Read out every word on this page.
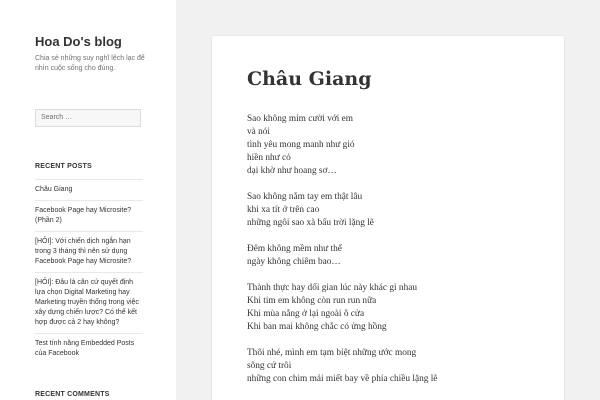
Hoa Do's blog
Chia sẻ những suy nghĩ lệch lạc để nhìn cuộc sống cho đúng.
Search …
RECENT POSTS
Châu Giang
Facebook Page hay Microsite? (Phần 2)
[HỎI]: Với chiến dịch ngắn hạn trong 3 tháng thì nên sử dụng Facebook Page hay Microsite?
[HỎI]: Đâu là căn cứ quyết định lựa chọn Digital Marketing hay Marketing truyền thống trong việc xây dựng chiến lược? Có thể kết hợp được cả 2 hay không?
Test tính năng Embedded Posts của Facebook
RECENT COMMENTS
Châu Giang
Sao không mỉm cười với em
và nói
tình yêu mong manh như gió
hiền như cỏ
dại khờ như hoang sơ…
Sao không nắm tay em thật lâu
khi xa tít ở trên cao
những ngôi sao xà bấu trời lặng lẽ
Đêm không mềm như thể
ngày không chiêm bao…
Thành thực hay dối gian lúc này khác gì nhau
Khi tim em không còn run run nữa
Khi mùa nắng ở lại ngoài ô cửa
Khi ban mai không chắc có ửng hồng
Thôi nhé, mình em tạm biệt những ước mong
sông cứ trôi
những con chim mải miết bay về phía chiều lặng lẽ
